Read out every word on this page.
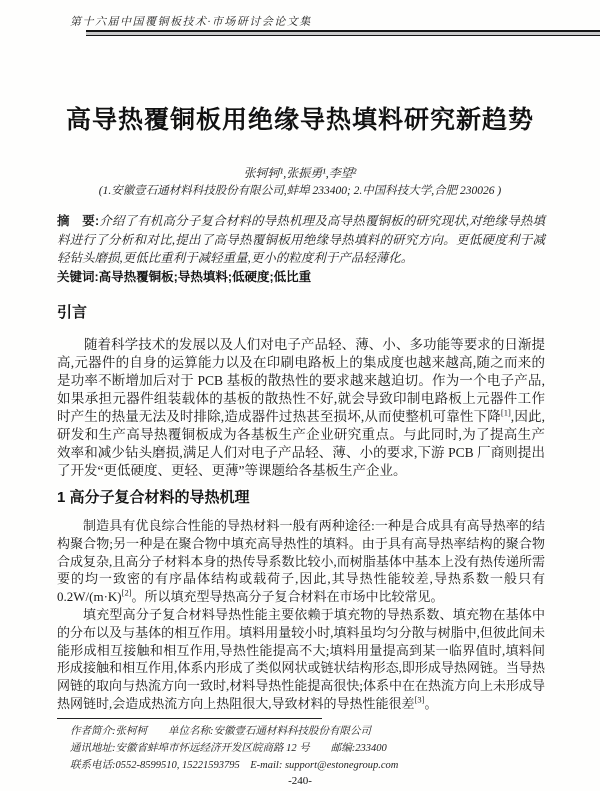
第十六届中国覆铜板技术·市场研讨会论文集
高导热覆铜板用绝缘导热填料研究新趋势
张轲轲¹,张振勇¹,李望²
(1.安徽壹石通材料科技股份有限公司,蚌埠 233400; 2.中国科技大学,合肥 230026 )
摘　要:介绍了有机高分子复合材料的导热机理及高导热覆铜板的研究现状,对绝缘导热填料进行了分析和对比,提出了高导热覆铜板用绝缘导热填料的研究方向。更低硬度利于减轻钻头磨损,更低比重利于减轻重量,更小的粒度利于产品轻薄化。
关键词:高导热覆铜板;导热填料;低硬度;低比重
引言

随着科学技术的发展以及人们对电子产品轻、薄、小、多功能等要求的日渐提高,元器件的自身的运算能力以及在印刷电路板上的集成度也越来越高,随之而来的是功率不断增加后对于 PCB 基板的散热性的要求越来越迫切。作为一个电子产品,如果承担元器件组装载体的基板的散热性不好,就会导致印制电路板上元器件工作时产生的热量无法及时排除,造成器件过热甚至损坏,从而使整机可靠性下降[1],因此,研发和生产高导热覆铜板成为各基板生产企业研究重点。与此同时,为了提高生产效率和减少钻头磨损,满足人们对电子产品轻、薄、小的要求,下游 PCB 厂商则提出了开发“更低硬度、更轻、更薄”等课题给各基板生产企业。

1 高分子复合材料的导热机理

制造具有优良综合性能的导热材料一般有两种途径:一种是合成具有高导热率的结构聚合物;另一种是在聚合物中填充高导热性的填料。由于具有高导热率结构的聚合物合成复杂,且高分子材料本身的热传导系数比较小,而树脂基体中基本上没有热传递所需要的均一致密的有序晶体结构或载荷子,因此,其导热性能较差,导热系数一般只有 0.2W/(m·K)[2]。所以填充型导热高分子复合材料在市场中比较常见。

填充型高分子复合材料导热性能主要依赖于填充物的导热系数、填充物在基体中的分布以及与基体的相互作用。填料用量较小时,填料虽均匀分散与树脂中,但彼此间未能形成相互接触和相互作用,导热性能提高不大;填料用量提高到某一临界值时,填料间形成接触和相互作用,体系内形成了类似网状或链状结构形态,即形成导热网链。当导热网链的取向与热流方向一致时,材料导热性能提高很快;体系中在在热流方向上未形成导热网链时,会造成热流方向上热阻很大,导致材料的导热性能很差[3]。

作者简介:张柯柯　　单位名称:安徽壹石通材料科技股份有限公司
通讯地址:安徽省蚌埠市怀远经济开发区皖商路 12 号　　邮编:233400
联系电话:0552-8599510, 15221593795　E-mail: support@estonegroup.com
-240-
